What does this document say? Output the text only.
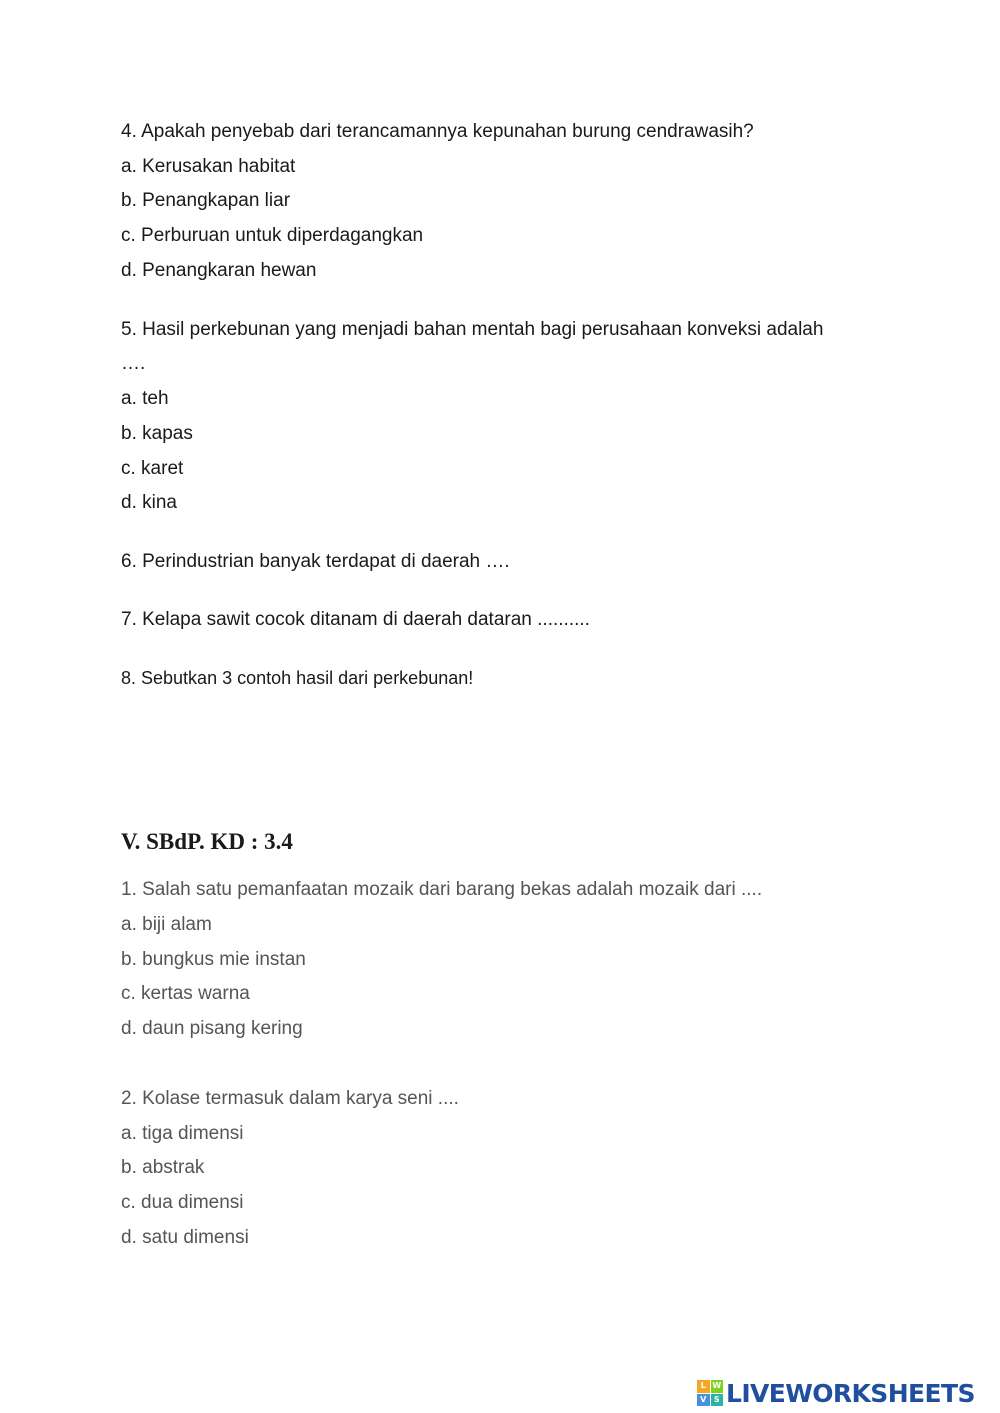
4. Apakah penyebab dari terancamannya kepunahan burung cendrawasih?
a. Kerusakan habitat
b. Penangkapan liar
c. Perburuan untuk diperdagangkan
d. Penangkaran hewan
5. Hasil perkebunan yang menjadi bahan mentah bagi perusahaan konveksi adalah
….
a. teh
b. kapas
c. karet
d. kina
6. Perindustrian banyak terdapat di daerah ….
7. Kelapa sawit cocok ditanam di daerah dataran ..........
8. Sebutkan 3 contoh hasil dari perkebunan!
V. SBdP. KD : 3.4
1. Salah satu pemanfaatan mozaik dari barang bekas adalah mozaik dari ....
a. biji alam
b. bungkus mie instan
c. kertas warna
d. daun pisang kering
2. Kolase termasuk dalam karya seni ....
a. tiga dimensi
b. abstrak
c. dua dimensi
d. satu dimensi
L W
V S LIVEWORKSHEETS
